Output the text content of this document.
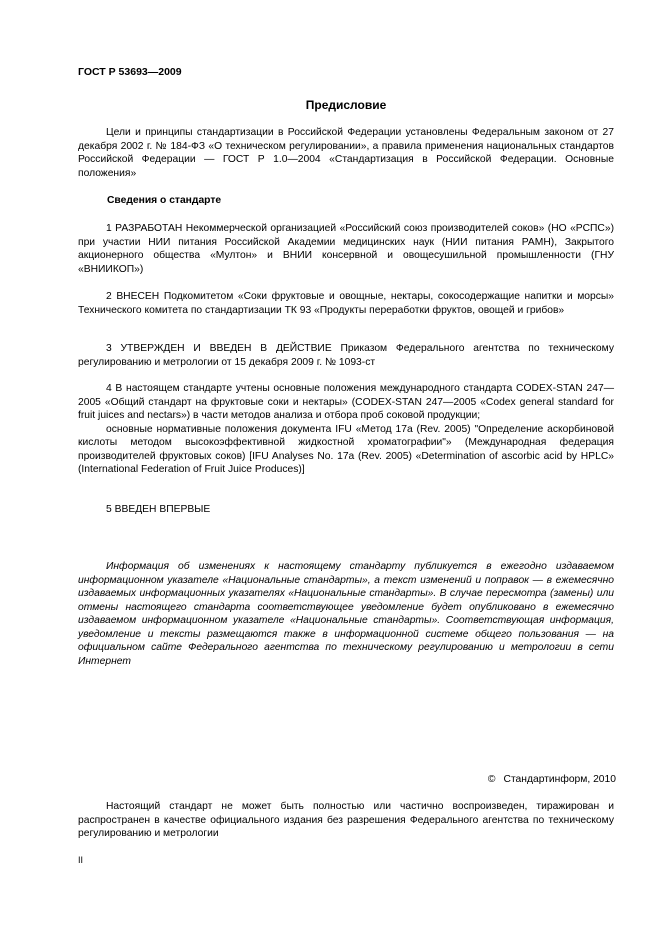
ГОСТ Р 53693—2009
Предисловие

Цели и принципы стандартизации в Российской Федерации установлены Федеральным законом от 27 декабря 2002 г. № 184-ФЗ «О техническом регулировании», а правила применения национальных стандартов Российской Федерации — ГОСТ Р 1.0—2004 «Стандартизация в Российской Федерации. Основные положения»

Сведения о стандарте

1 РАЗРАБОТАН Некоммерческой организацией «Российский союз производителей соков» (НО «РСПС») при участии НИИ питания Российской Академии медицинских наук (НИИ питания РАМН), Закрытого акционерного общества «Мултон» и ВНИИ консервной и овощесушильной промышленности (ГНУ «ВНИИКОП»)

2 ВНЕСЕН Подкомитетом «Соки фруктовые и овощные, нектары, сокосодержащие напитки и морсы» Технического комитета по стандартизации ТК 93 «Продукты переработки фруктов, овощей и грибов»

3 УТВЕРЖДЕН И ВВЕДЕН В ДЕЙСТВИЕ Приказом Федерального агентства по техническому регулированию и метрологии от 15 декабря 2009 г. № 1093-ст

4 В настоящем стандарте учтены основные положения международного стандарта CODEX-STAN 247—2005 «Общий стандарт на фруктовые соки и нектары» (CODEX-STAN 247—2005 «Codex general standard for fruit juices and nectars») в части методов анализа и отбора проб соковой продукции;

основные нормативные положения документа IFU «Метод 17а (Rev. 2005) "Определение аскорбиновой кислоты методом высокоэффективной жидкостной хроматографии"» (Международная федерация производителей фруктовых соков) [IFU Analyses No. 17a (Rev. 2005) «Determination of ascorbic acid by HPLC» (International Federation of Fruit Juice Produces)]

5 ВВЕДЕН ВПЕРВЫЕ

Информация об изменениях к настоящему стандарту публикуется в ежегодно издаваемом информационном указателе «Национальные стандарты», а текст изменений и поправок — в ежемесячно издаваемых информационных указателях «Национальные стандарты». В случае пересмотра (замены) или отмены настоящего стандарта соответствующее уведомление будет опубликовано в ежемесячно издаваемом информационном указателе «Национальные стандарты». Соответствующая информация, уведомление и тексты размещаются также в информационной системе общего пользования — на официальном сайте Федерального агентства по техническому регулированию и метрологии в сети Интернет

© Стандартинформ, 2010

Настоящий стандарт не может быть полностью или частично воспроизведен, тиражирован и распространен в качестве официального издания без разрешения Федерального агентства по техническому регулированию и метрологии

II
